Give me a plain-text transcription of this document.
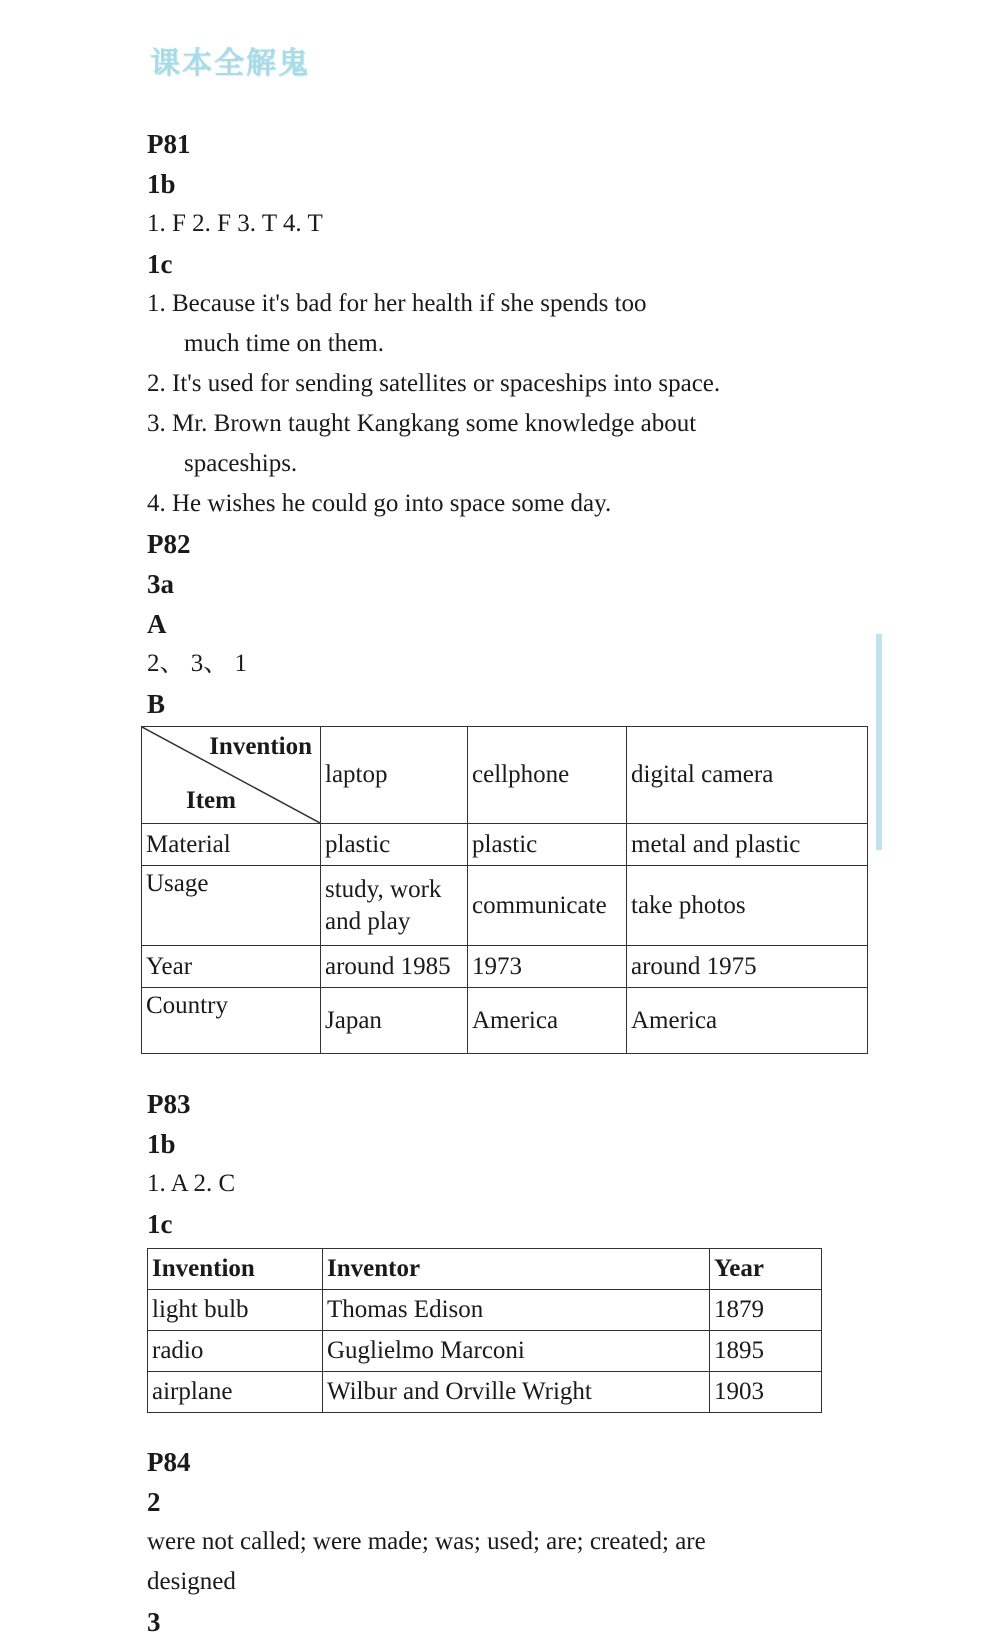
课本全解鬼
P81
1b
1. F 2. F 3. T 4. T
1c
1. Because it's bad for her health if she spends too
much time on them.
2. It's used for sending satellites or spaceships into space.
3. Mr. Brown taught Kangkang some knowledge about
spaceships.
4. He wishes he could go into space some day.
P82
3a
A
2、 3、 1
B
Invention
Item	laptop	cellphone	digital camera
Material	plastic	plastic	metal and plastic
Usage	study, work and play	communicate	take photos
Year	around 1985	1973	around 1975
Country	Japan	America	America
P83
1b
1. A 2. C
1c
Invention	Inventor	Year
light bulb	Thomas Edison	1879
radio	Guglielmo Marconi	1895
airplane	Wilbur and Orville Wright	1903
P84
2
were not called; were made; was; used; are; created; are
designed
3
